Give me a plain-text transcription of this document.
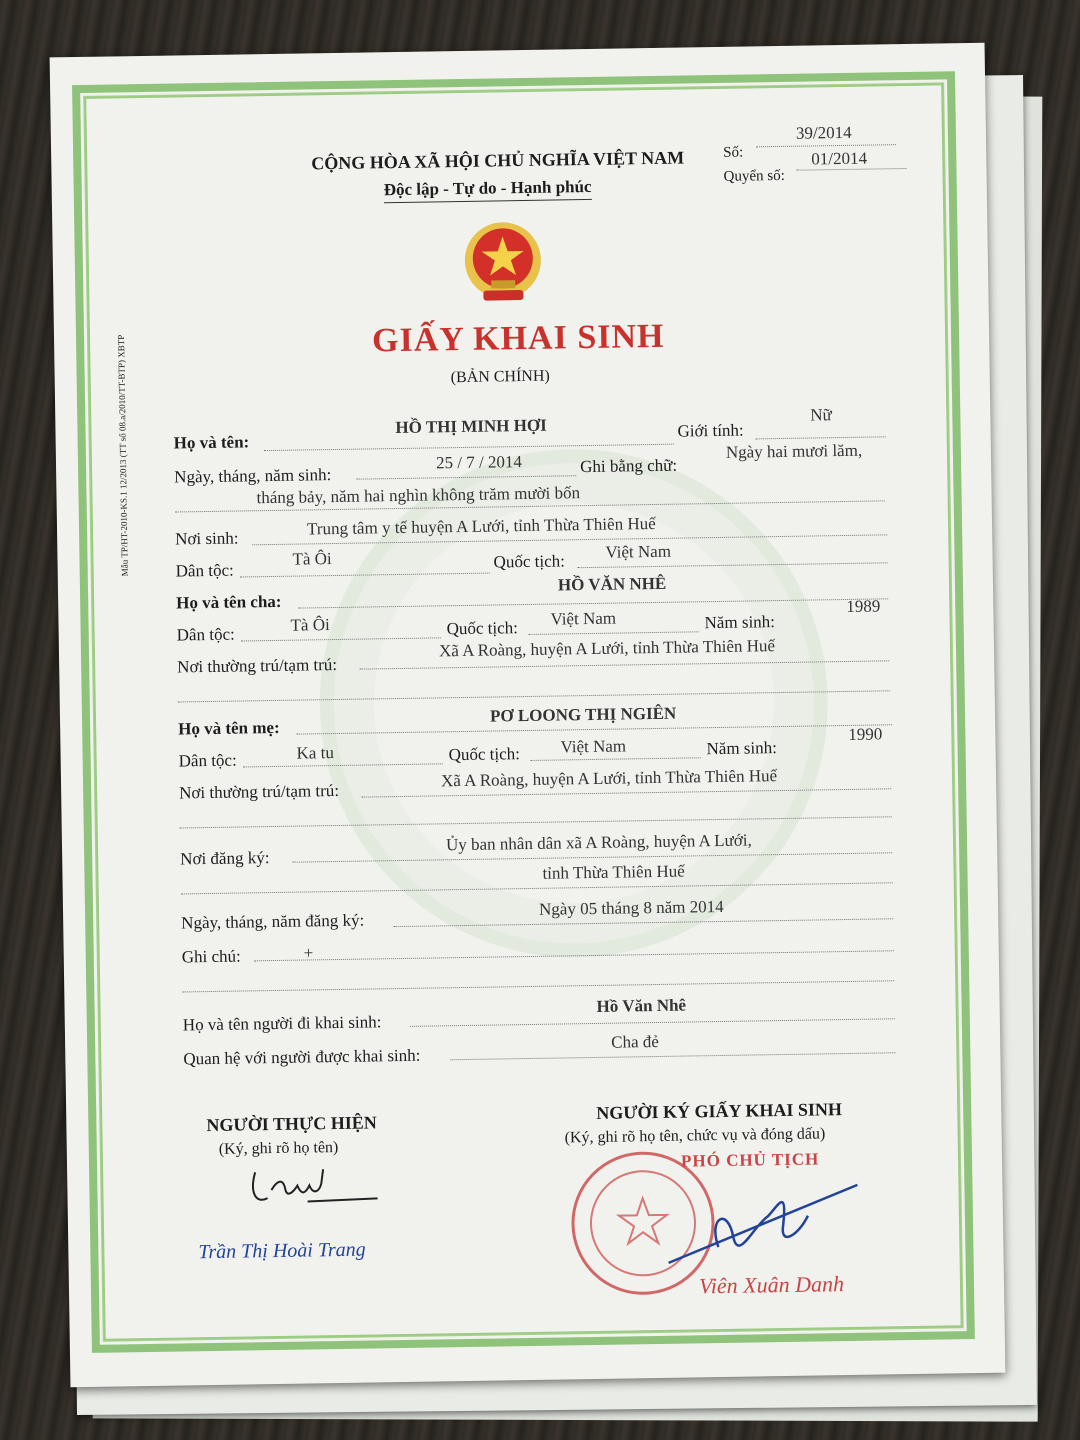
Mẫu TP/HT-2010-KS.1 12/2013 (TT số 08.a/2010/TT-BTP) XBTP
CỘNG HÒA XÃ HỘI CHỦ NGHĨA VIỆT NAM
Độc lập - Tự do - Hạnh phúc
Số:
39/2014
Quyển số:
01/2014
GIẤY KHAI SINH
(BẢN CHÍNH)
Họ và tên:
HỒ THỊ MINH HỢI	Giới tính:
Nữ
Ngày, tháng, năm sinh:
25 / 7 / 2014	Ghi bằng chữ:
Ngày hai mươi lăm,
tháng bảy, năm hai nghìn không trăm mười bốn
Nơi sinh:
Trung tâm y tế huyện A Lưới, tỉnh Thừa Thiên Huế
Dân tộc:
Tà Ôi	Quốc tịch: Việt Nam
Họ và tên cha:
HỒ VĂN NHÊ
Dân tộc:	Tà Ôi	Quốc tịch: Việt Nam	Năm sinh:
1989
Nơi thường trú/tạm trú:
Xã A Roàng, huyện A Lưới, tỉnh Thừa Thiên Huế
Họ và tên mẹ:
PƠ LOONG THỊ NGIÊN
Dân tộc:	Ka tu	Quốc tịch: Việt Nam	Năm sinh:
1990
Nơi thường trú/tạm trú:
Xã A Roàng, huyện A Lưới, tỉnh Thừa Thiên Huế
Nơi đăng ký:
Ủy ban nhân dân xã A Roàng, huyện A Lưới,
tỉnh Thừa Thiên Huế
Ngày, tháng, năm đăng ký:
Ngày 05 tháng 8 năm 2014
Ghi chú:	+
Họ và tên người đi khai sinh:
Hồ Văn Nhê
Quan hệ với người được khai sinh:
Cha đẻ
NGƯỜI THỰC HIỆN
(Ký, ghi rõ họ tên)
Trần Thị Hoài Trang
NGƯỜI KÝ GIẤY KHAI SINH
(Ký, ghi rõ họ tên, chức vụ và đóng dấu)
PHÓ CHỦ TỊCH
Viên Xuân Danh
